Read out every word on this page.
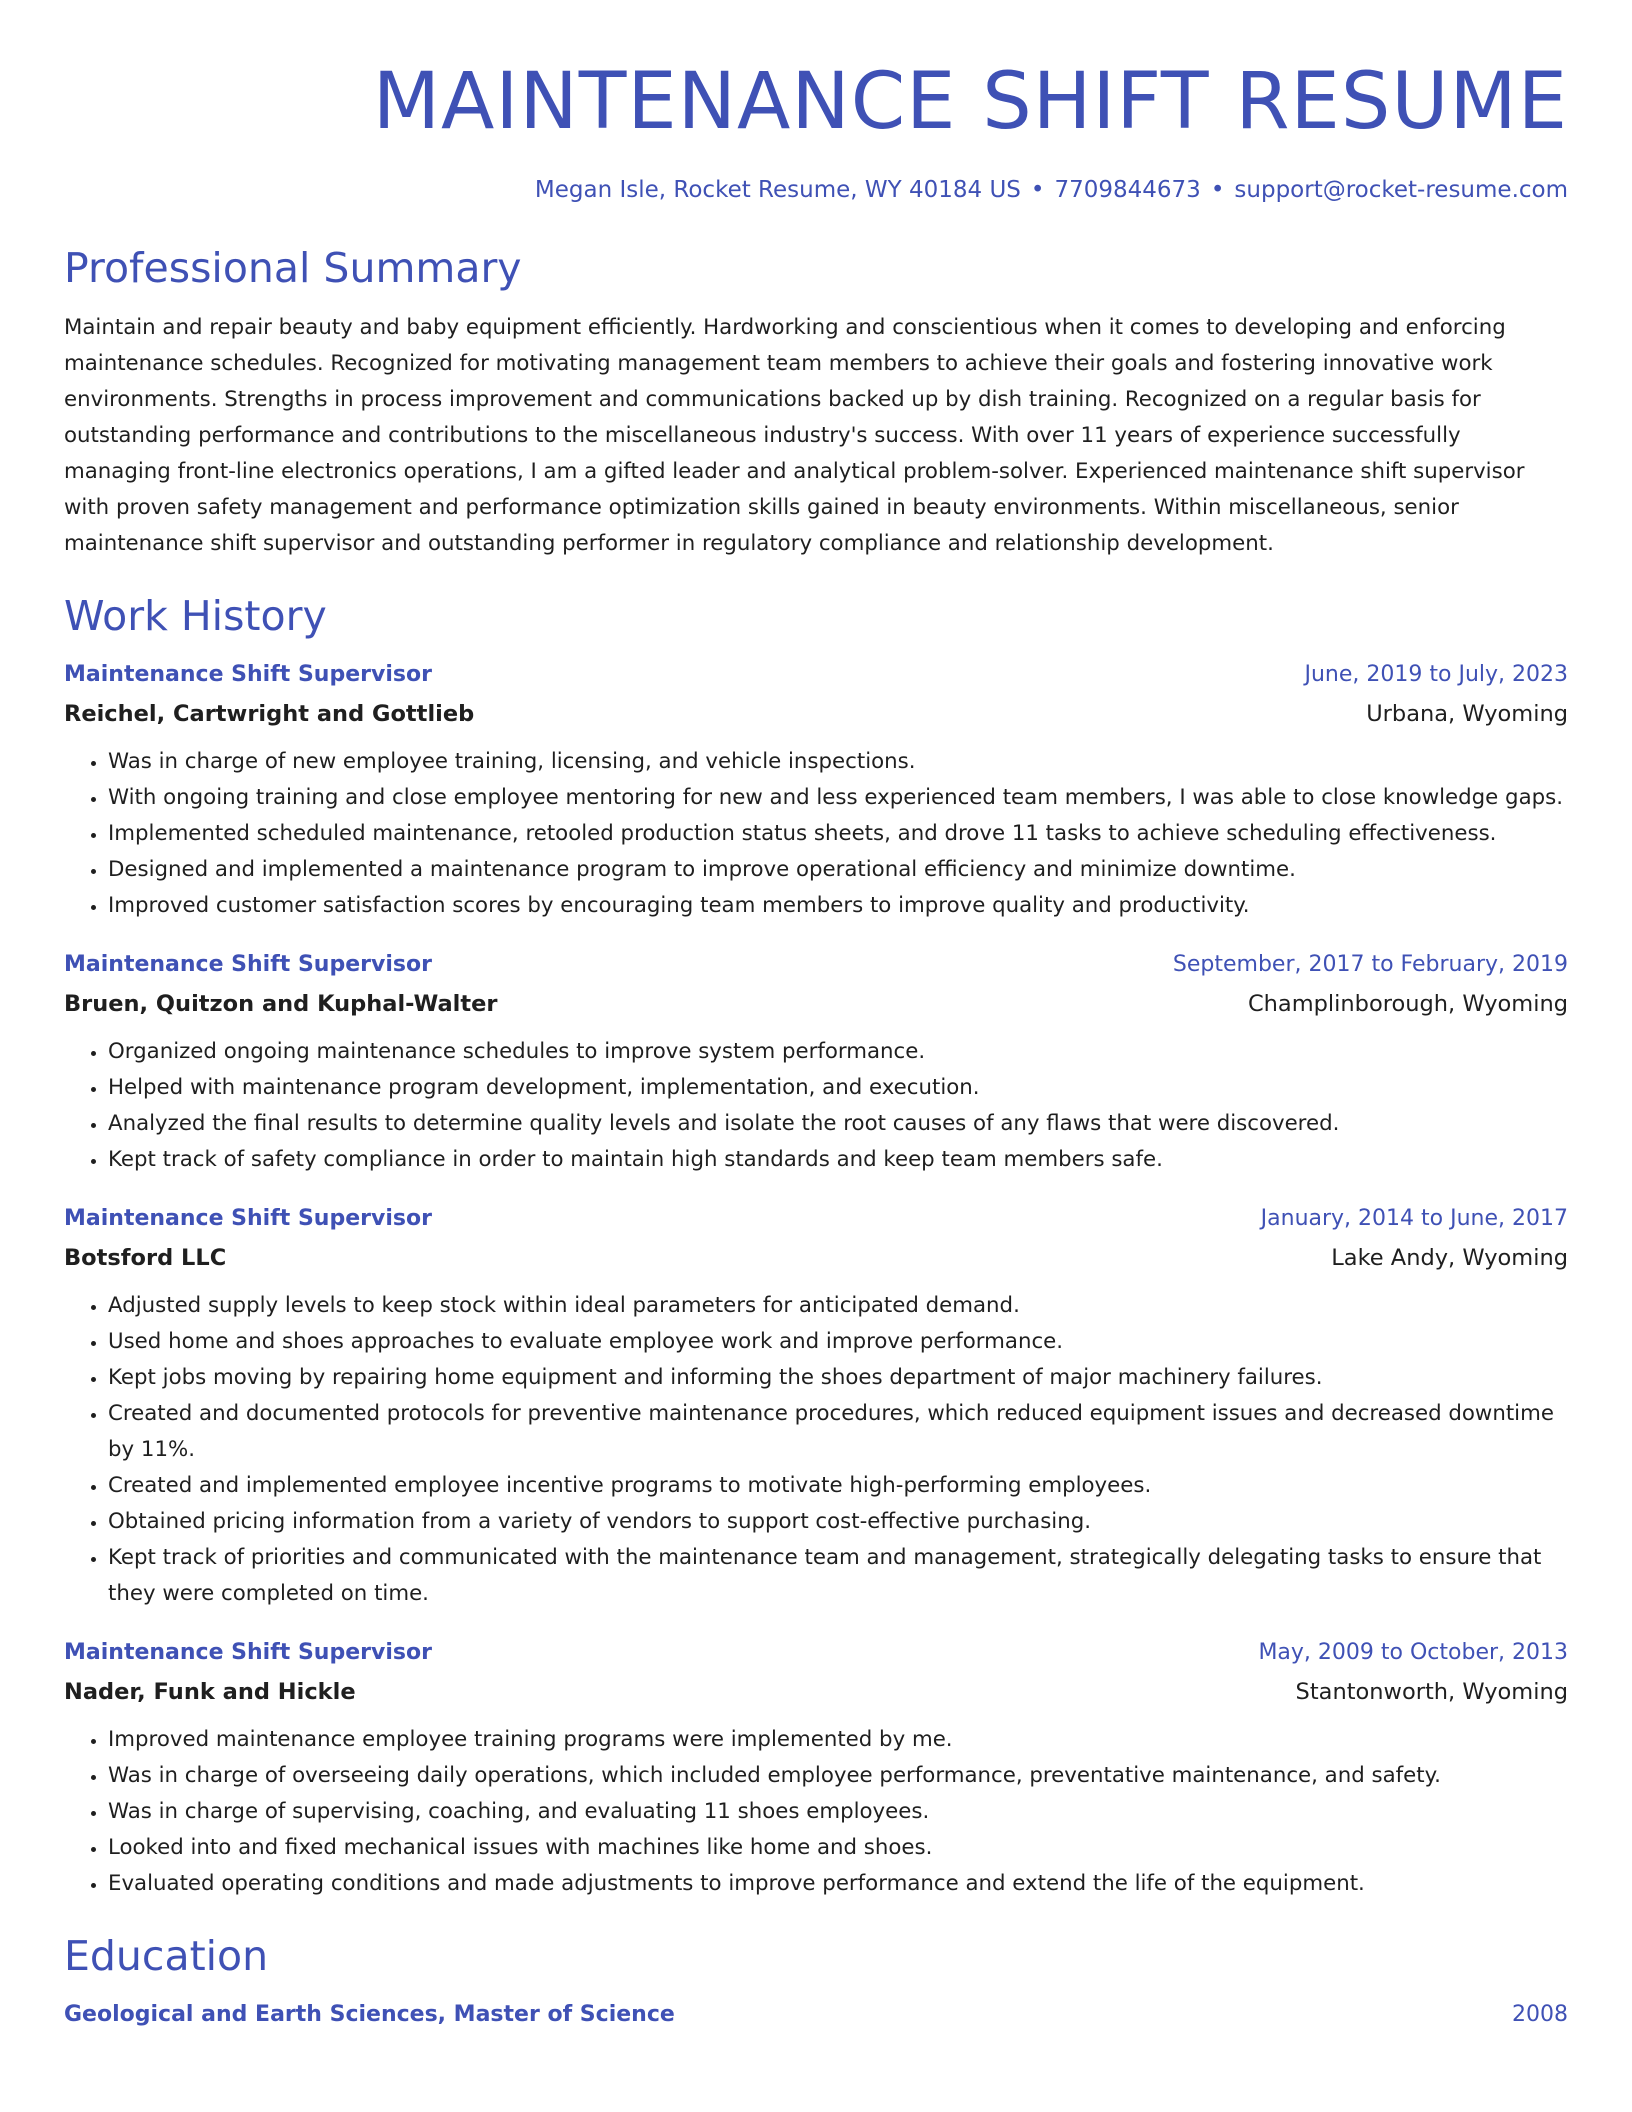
MAINTENANCE SHIFT RESUME
Megan Isle, Rocket Resume, WY 40184 US • 7709844673 • support@rocket-resume.com
Professional Summary

Maintain and repair beauty and baby equipment efficiently. Hardworking and conscientious when it comes to developing and enforcing maintenance schedules. Recognized for motivating management team members to achieve their goals and fostering innovative work environments. Strengths in process improvement and communications backed up by dish training. Recognized on a regular basis for outstanding performance and contributions to the miscellaneous industry's success. With over 11 years of experience successfully managing front-line electronics operations, I am a gifted leader and analytical problem-solver. Experienced maintenance shift supervisor with proven safety management and performance optimization skills gained in beauty environments. Within miscellaneous, senior maintenance shift supervisor and outstanding performer in regulatory compliance and relationship development.

Work History
Maintenance Shift Supervisor	June, 2019 to July, 2023
Reichel, Cartwright and Gottlieb	Urbana, Wyoming
• Was in charge of new employee training, licensing, and vehicle inspections.
• With ongoing training and close employee mentoring for new and less experienced team members, I was able to close knowledge gaps.
• Implemented scheduled maintenance, retooled production status sheets, and drove 11 tasks to achieve scheduling effectiveness.
• Designed and implemented a maintenance program to improve operational efficiency and minimize downtime.
• Improved customer satisfaction scores by encouraging team members to improve quality and productivity.
Maintenance Shift Supervisor	September, 2017 to February, 2019
Bruen, Quitzon and Kuphal-Walter	Champlinborough, Wyoming
• Organized ongoing maintenance schedules to improve system performance.
• Helped with maintenance program development, implementation, and execution.
• Analyzed the final results to determine quality levels and isolate the root causes of any flaws that were discovered.
• Kept track of safety compliance in order to maintain high standards and keep team members safe.
Maintenance Shift Supervisor	January, 2014 to June, 2017
Botsford LLC	Lake Andy, Wyoming
• Adjusted supply levels to keep stock within ideal parameters for anticipated demand.
• Used home and shoes approaches to evaluate employee work and improve performance.
• Kept jobs moving by repairing home equipment and informing the shoes department of major machinery failures.
• Created and documented protocols for preventive maintenance procedures, which reduced equipment issues and decreased downtime by 11%.
• Created and implemented employee incentive programs to motivate high-performing employees.
• Obtained pricing information from a variety of vendors to support cost-effective purchasing.
• Kept track of priorities and communicated with the maintenance team and management, strategically delegating tasks to ensure that they were completed on time.
Maintenance Shift Supervisor	May, 2009 to October, 2013
Nader, Funk and Hickle	Stantonworth, Wyoming
• Improved maintenance employee training programs were implemented by me.
• Was in charge of overseeing daily operations, which included employee performance, preventative maintenance, and safety.
• Was in charge of supervising, coaching, and evaluating 11 shoes employees.
• Looked into and fixed mechanical issues with machines like home and shoes.
• Evaluated operating conditions and made adjustments to improve performance and extend the life of the equipment.
Education
Geological and Earth Sciences, Master of Science	2008
